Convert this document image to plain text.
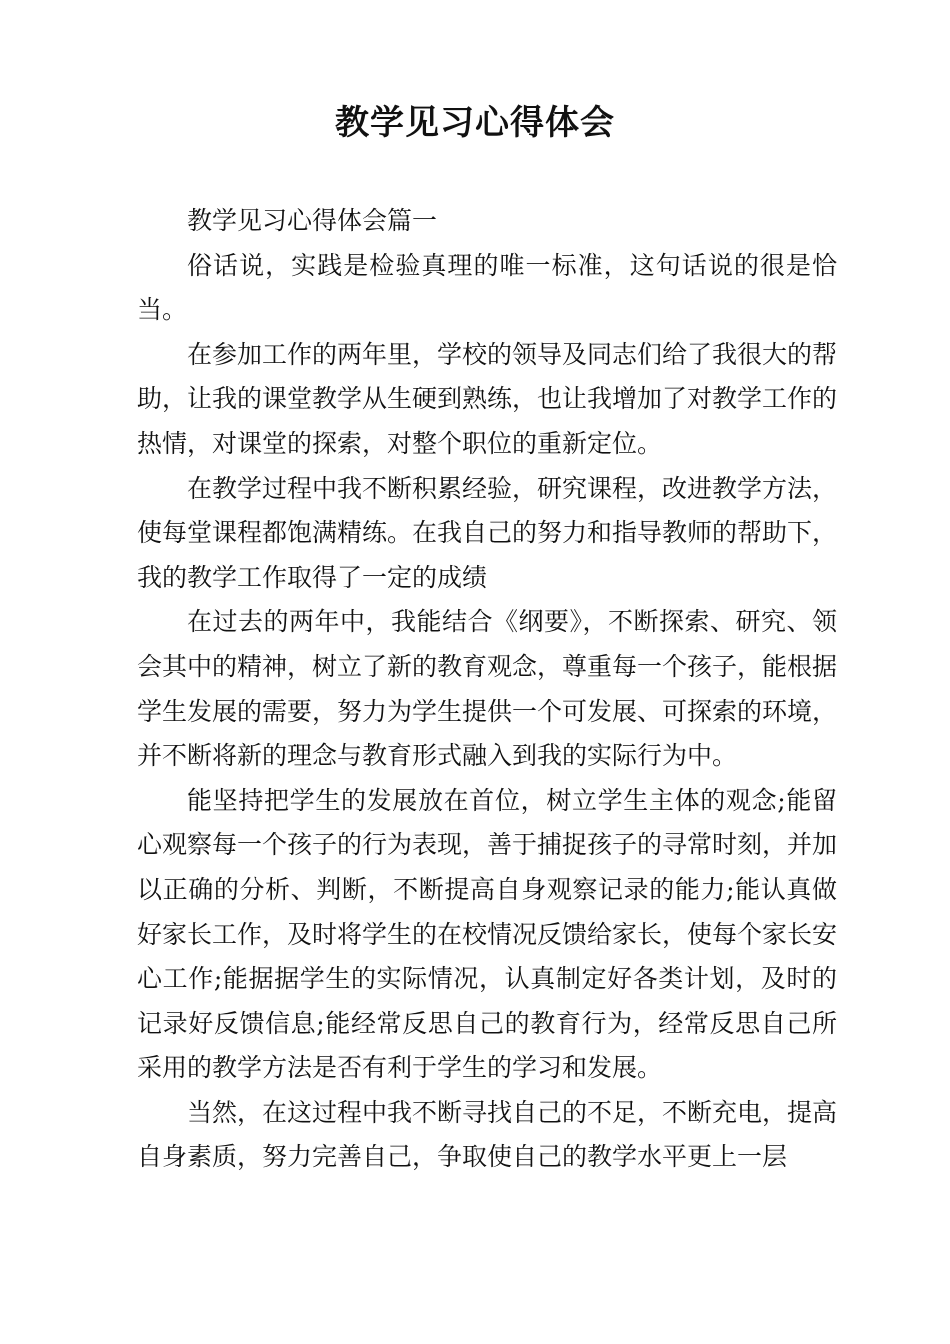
教学见习心得体会

教学见习心得体会篇一

俗话说，实践是检验真理的唯一标准，这句话说的很是恰当。

在参加工作的两年里，学校的领导及同志们给了我很大的帮助，让我的课堂教学从生硬到熟练，也让我增加了对教学工作的热情，对课堂的探索，对整个职位的重新定位。

在教学过程中我不断积累经验，研究课程，改进教学方法，使每堂课程都饱满精练。在我自己的努力和指导教师的帮助下，我的教学工作取得了一定的成绩

在过去的两年中，我能结合《纲要》，不断探索、研究、领会其中的精神，树立了新的教育观念，尊重每一个孩子，能根据学生发展的需要，努力为学生提供一个可发展、可探索的环境，并不断将新的理念与教育形式融入到我的实际行为中。

能坚持把学生的发展放在首位，树立学生主体的观念;能留心观察每一个孩子的行为表现，善于捕捉孩子的寻常时刻，并加以正确的分析、判断，不断提高自身观察记录的能力;能认真做好家长工作，及时将学生的在校情况反馈给家长，使每个家长安心工作;能据据学生的实际情况，认真制定好各类计划，及时的记录好反馈信息;能经常反思自己的教育行为，经常反思自己所采用的教学方法是否有利于学生的学习和发展。

当然，在这过程中我不断寻找自己的不足，不断充电，提高自身素质，努力完善自己，争取使自己的教学水平更上一层
